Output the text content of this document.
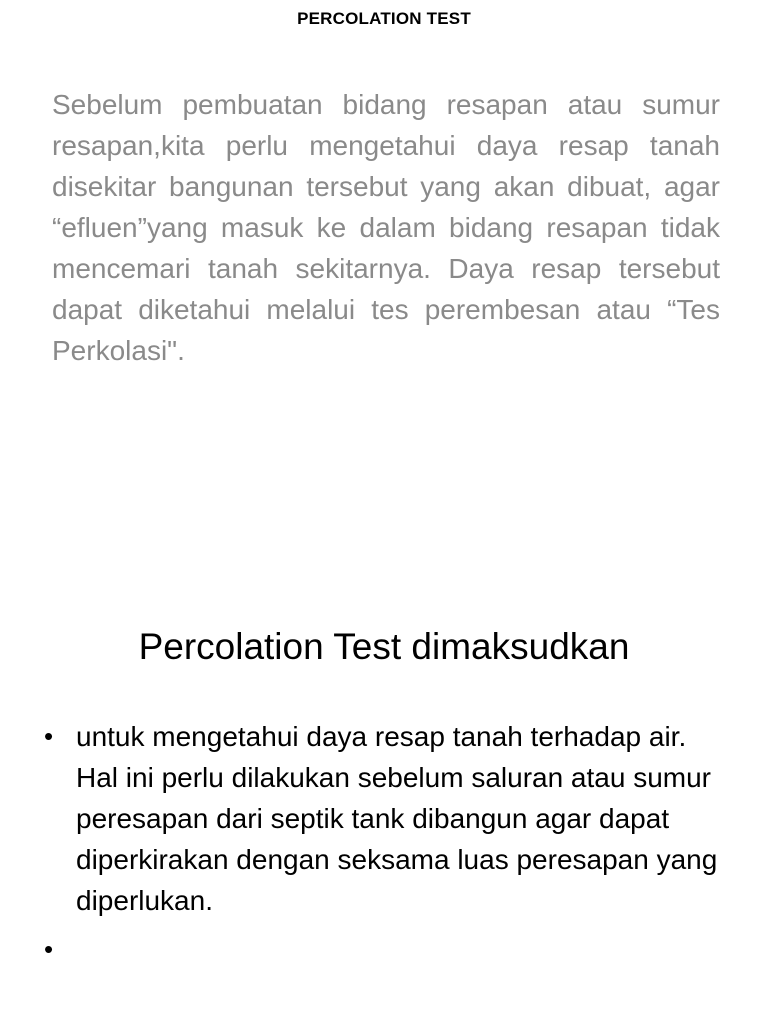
PERCOLATION TEST

Sebelum pembuatan bidang resapan atau sumur resapan,kita perlu mengetahui daya resap tanah disekitar bangunan tersebut yang akan dibuat, agar “efluen”yang masuk ke dalam bidang resapan tidak mencemari tanah sekitarnya. Daya resap tersebut dapat diketahui melalui tes perembesan atau “Tes Perkolasi".

Percolation Test dimaksudkan
• untuk mengetahui daya resap tanah terhadap air. Hal ini perlu dilakukan sebelum saluran atau sumur peresapan dari septik tank dibangun agar dapat diperkirakan dengan seksama luas peresapan yang diperlukan.
•
